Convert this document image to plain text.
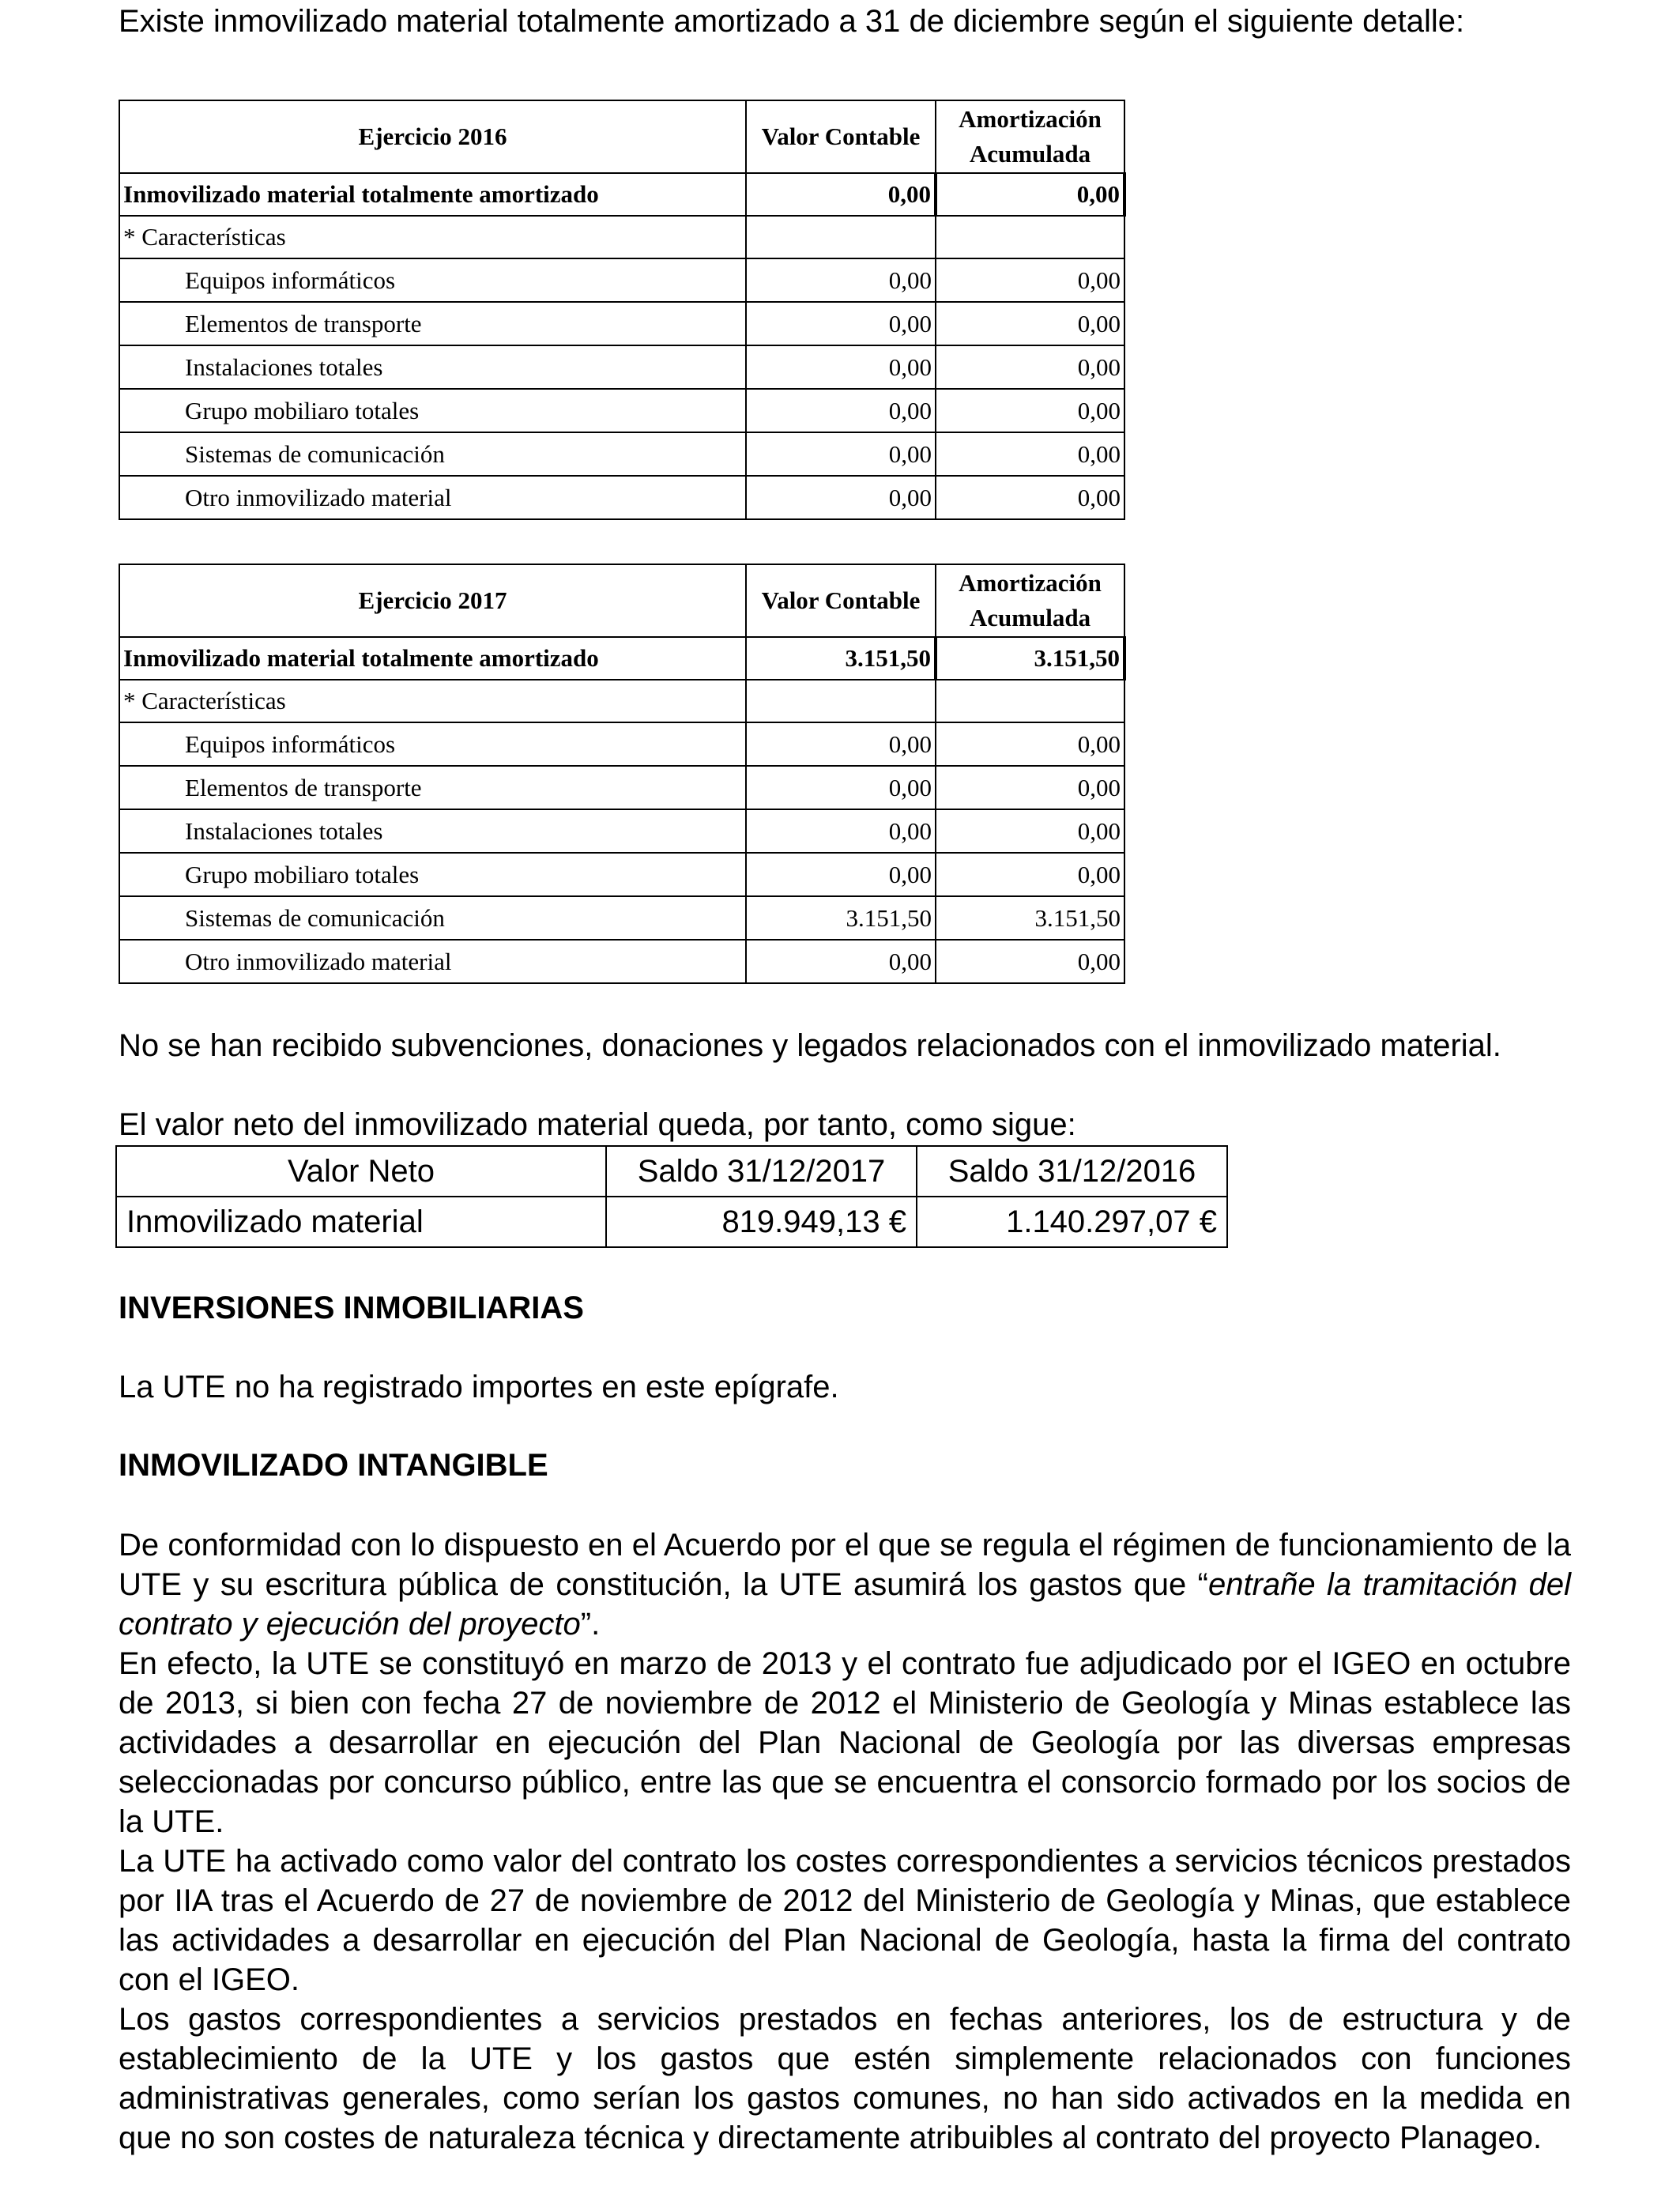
Existe inmovilizado material totalmente amortizado a 31 de diciembre según el siguiente detalle:

Ejercicio 2016	Valor Contable	Amortización Acumulada
Inmovilizado material totalmente amortizado	0,00	0,00
* Características		
Equipos informáticos	0,00	0,00
Elementos de transporte	0,00	0,00
Instalaciones totales	0,00	0,00
Grupo mobiliaro totales	0,00	0,00
Sistemas de comunicación	0,00	0,00
Otro inmovilizado material	0,00	0,00
Ejercicio 2017	Valor Contable	Amortización Acumulada
Inmovilizado material totalmente amortizado	3.151,50	3.151,50
* Características		
Equipos informáticos	0,00	0,00
Elementos de transporte	0,00	0,00
Instalaciones totales	0,00	0,00
Grupo mobiliaro totales	0,00	0,00
Sistemas de comunicación	3.151,50	3.151,50
Otro inmovilizado material	0,00	0,00

No se han recibido subvenciones, donaciones y legados relacionados con el inmovilizado material.

El valor neto del inmovilizado material queda, por tanto, como sigue:

Valor Neto	Saldo 31/12/2017	Saldo 31/12/2016
Inmovilizado material	819.949,13 €	1.140.297,07 €

INVERSIONES INMOBILIARIAS

La UTE no ha registrado importes en este epígrafe.

INMOVILIZADO INTANGIBLE

De conformidad con lo dispuesto en el Acuerdo por el que se regula el régimen de funcionamiento de la UTE y su escritura pública de constitución, la UTE asumirá los gastos que “entrañe la tramitación del contrato y ejecución del proyecto”.

En efecto, la UTE se constituyó en marzo de 2013 y el contrato fue adjudicado por el IGEO en octubre de 2013, si bien con fecha 27 de noviembre de 2012 el Ministerio de Geología y Minas establece las actividades a desarrollar en ejecución del Plan Nacional de Geología por las diversas empresas seleccionadas por concurso público, entre las que se encuentra el consorcio formado por los socios de la UTE.

La UTE ha activado como valor del contrato los costes correspondientes a servicios técnicos prestados por IIA tras el Acuerdo de 27 de noviembre de 2012 del Ministerio de Geología y Minas, que establece las actividades a desarrollar en ejecución del Plan Nacional de Geología, hasta la firma del contrato con el IGEO.

Los gastos correspondientes a servicios prestados en fechas anteriores, los de estructura y de establecimiento de la UTE y los gastos que estén simplemente relacionados con funciones administrativas generales, como serían los gastos comunes, no han sido activados en la medida en que no son costes de naturaleza técnica y directamente atribuibles al contrato del proyecto Planageo.
